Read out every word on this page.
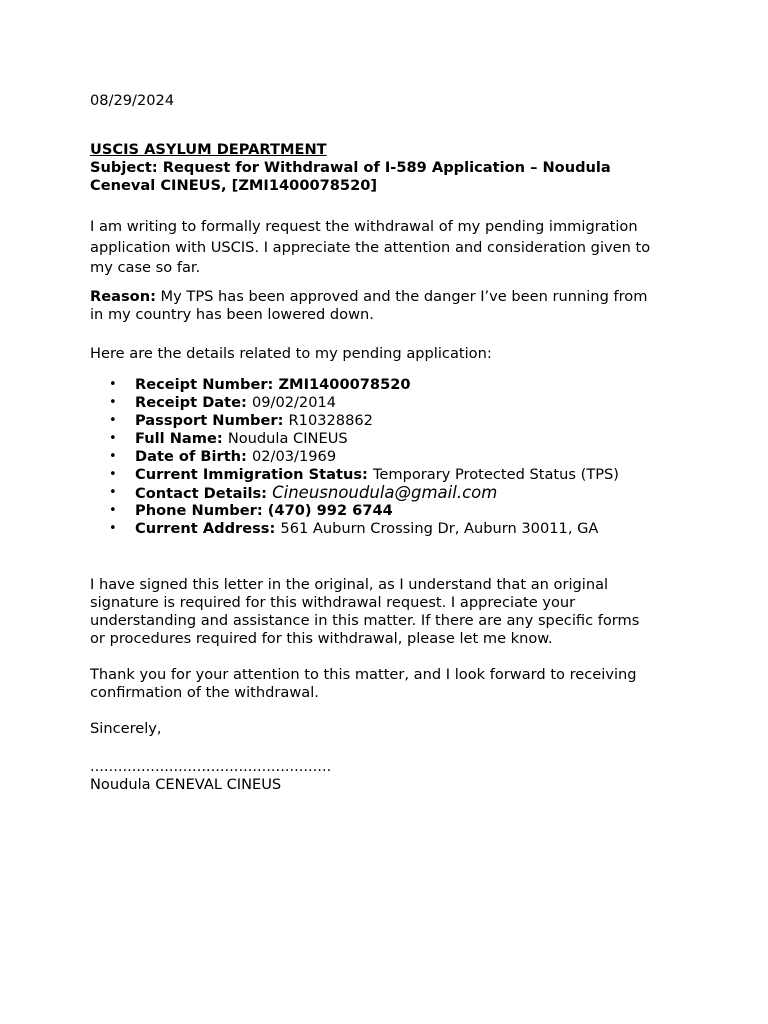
08/29/2024

USCIS ASYLUM DEPARTMENT

Subject: Request for Withdrawal of I-589 Application – Noudula

Ceneval CINEUS, [ZMI1400078520]

I am writing to formally request the withdrawal of my pending immigration
application with USCIS. I appreciate the attention and consideration given to
my case so far.
Reason: My TPS has been approved and the danger I’ve been running from
in my country has been lowered down.

Here are the details related to my pending application:

• Receipt Number: ZMI1400078520
• Receipt Date: 09/02/2014
• Passport Number: R10328862
• Full Name: Noudula CINEUS
• Date of Birth: 02/03/1969
• Current Immigration Status: Temporary Protected Status (TPS)
• Contact Details: Cineusnoudula@gmail.com
• Phone Number: (470) 992 6744
• Current Address: 561 Auburn Crossing Dr, Auburn 30011, GA
I have signed this letter in the original, as I understand that an original
signature is required for this withdrawal request. I appreciate your
understanding and assistance in this matter. If there are any specific forms
or procedures required for this withdrawal, please let me know.
Thank you for your attention to this matter, and I look forward to receiving
confirmation of the withdrawal.

Sincerely,

....................................................

Noudula CENEVAL CINEUS
